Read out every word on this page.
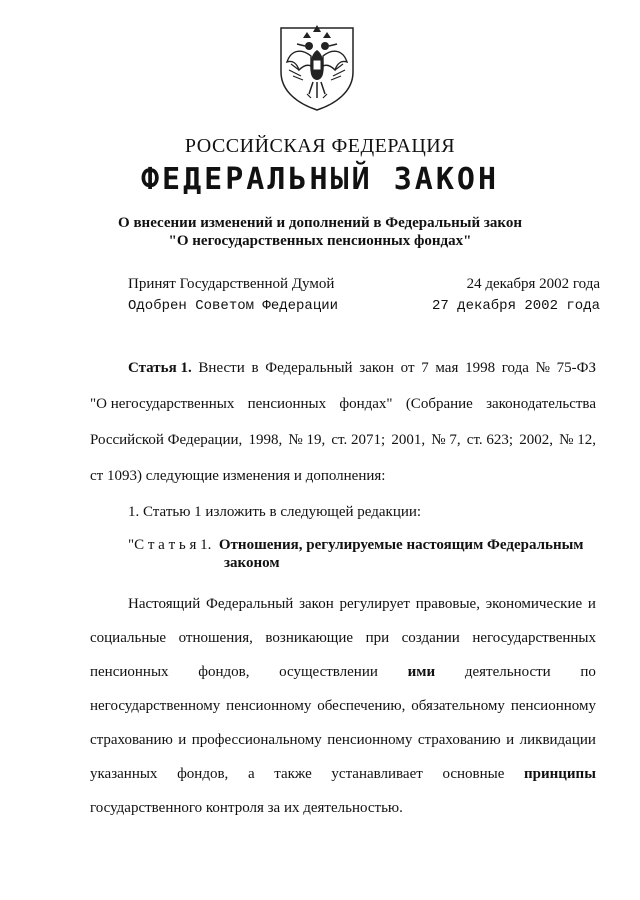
РОССИЙСКАЯ ФЕДЕРАЦИЯ
ФЕДЕРАЛЬНЫЙ ЗАКОН
О внесении изменений и дополнений в Федеральный закон
"О негосударственных пенсионных фондах"
Принят Государственной Думой	24 декабря 2002 года
Одобрен Советом Федерации	27 декабря 2002 года
Статья 1. Внести в Федеральный закон от 7 мая 1998 года № 75-ФЗ
"О негосударственных пенсионных фондах" (Собрание законодательства
Российской Федерации, 1998, № 19, ст. 2071; 2001, № 7, ст. 623; 2002, № 12,
ст 1093) следующие изменения и дополнения:
1. Статью 1 изложить в следующей редакции:
"С т а т ь я 1. Отношения, регулируемые настоящим Федеральным
законом
Настоящий Федеральный закон регулирует правовые, экономические и
социальные отношения, возникающие при создании негосударственных
пенсионных фондов, осуществлении ими деятельности по
негосударственному пенсионному обеспечению, обязательному пенсионному
страхованию и профессиональному пенсионному страхованию и ликвидации
указанных фондов, а также устанавливает основные принципы
государственного контроля за их деятельностью.
